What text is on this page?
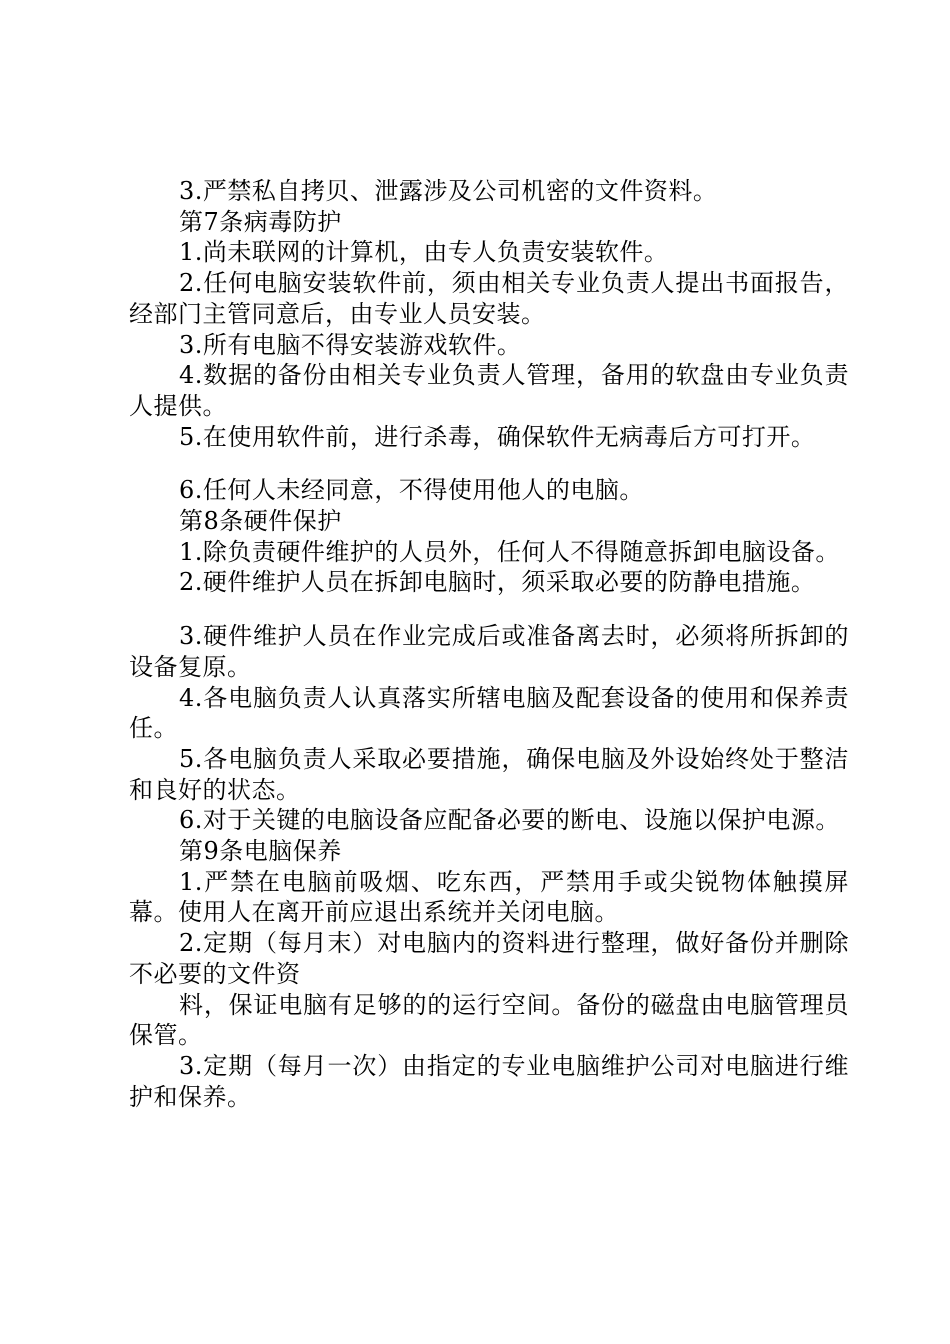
3.严禁私自拷贝、泄露涉及公司机密的文件资料。

第7条病毒防护

1.尚未联网的计算机，由专人负责安装软件。

2.任何电脑安装软件前，须由相关专业负责人提出书面报告，经部门主管同意后，由专业人员安装。

3.所有电脑不得安装游戏软件。

4.数据的备份由相关专业负责人管理，备用的软盘由专业负责人提供。

5.在使用软件前，进行杀毒，确保软件无病毒后方可打开。

6.任何人未经同意，不得使用他人的电脑。

第8条硬件保护

1.除负责硬件维护的人员外，任何人不得随意拆卸电脑设备。

2.硬件维护人员在拆卸电脑时，须采取必要的防静电措施。

3.硬件维护人员在作业完成后或准备离去时，必须将所拆卸的设备复原。

4.各电脑负责人认真落实所辖电脑及配套设备的使用和保养责任。

5.各电脑负责人采取必要措施，确保电脑及外设始终处于整洁和良好的状态。

6.对于关键的电脑设备应配备必要的断电、设施以保护电源。

第9条电脑保养

1.严禁在电脑前吸烟、吃东西，严禁用手或尖锐物体触摸屏幕。使用人在离开前应退出系统并关闭电脑。

2.定期（每月末）对电脑内的资料进行整理，做好备份并删除不必要的文件资

料，保证电脑有足够的的运行空间。备份的磁盘由电脑管理员保管。

3.定期（每月一次）由指定的专业电脑维护公司对电脑进行维护和保养。
